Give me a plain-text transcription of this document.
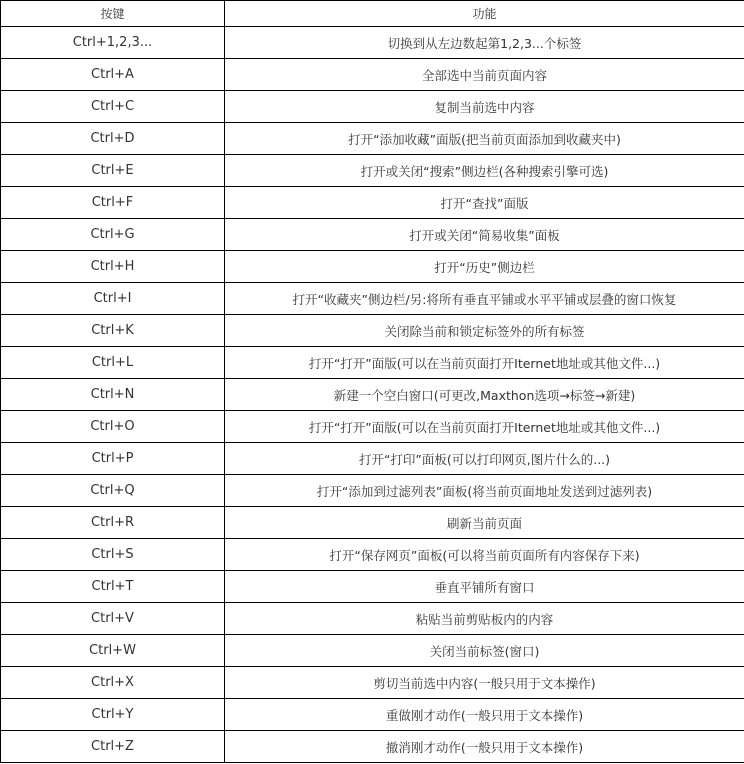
按键	功能
Ctrl+1,2,3...	切换到从左边数起第1,2,3...个标签
Ctrl+A	全部选中当前页面内容
Ctrl+C	复制当前选中内容
Ctrl+D	打开“添加收藏”面版(把当前页面添加到收藏夹中)
Ctrl+E	打开或关闭“搜索”侧边栏(各种搜索引擎可选)
Ctrl+F	打开“查找”面版
Ctrl+G	打开或关闭“简易收集”面板
Ctrl+H	打开“历史”侧边栏
Ctrl+I	打开“收藏夹”侧边栏/另:将所有垂直平铺或水平平铺或层叠的窗口恢复
Ctrl+K	关闭除当前和锁定标签外的所有标签
Ctrl+L	打开“打开”面版(可以在当前页面打开Iternet地址或其他文件...)
Ctrl+N	新建一个空白窗口(可更改,Maxthon选项→标签→新建)
Ctrl+O	打开“打开”面版(可以在当前页面打开Iternet地址或其他文件...)
Ctrl+P	打开“打印”面板(可以打印网页,图片什么的...)
Ctrl+Q	打开“添加到过滤列表”面板(将当前页面地址发送到过滤列表)
Ctrl+R	刷新当前页面
Ctrl+S	打开“保存网页”面板(可以将当前页面所有内容保存下来)
Ctrl+T	垂直平铺所有窗口
Ctrl+V	粘贴当前剪贴板内的内容
Ctrl+W	关闭当前标签(窗口)
Ctrl+X	剪切当前选中内容(一般只用于文本操作)
Ctrl+Y	重做刚才动作(一般只用于文本操作)
Ctrl+Z	撤消刚才动作(一般只用于文本操作)
